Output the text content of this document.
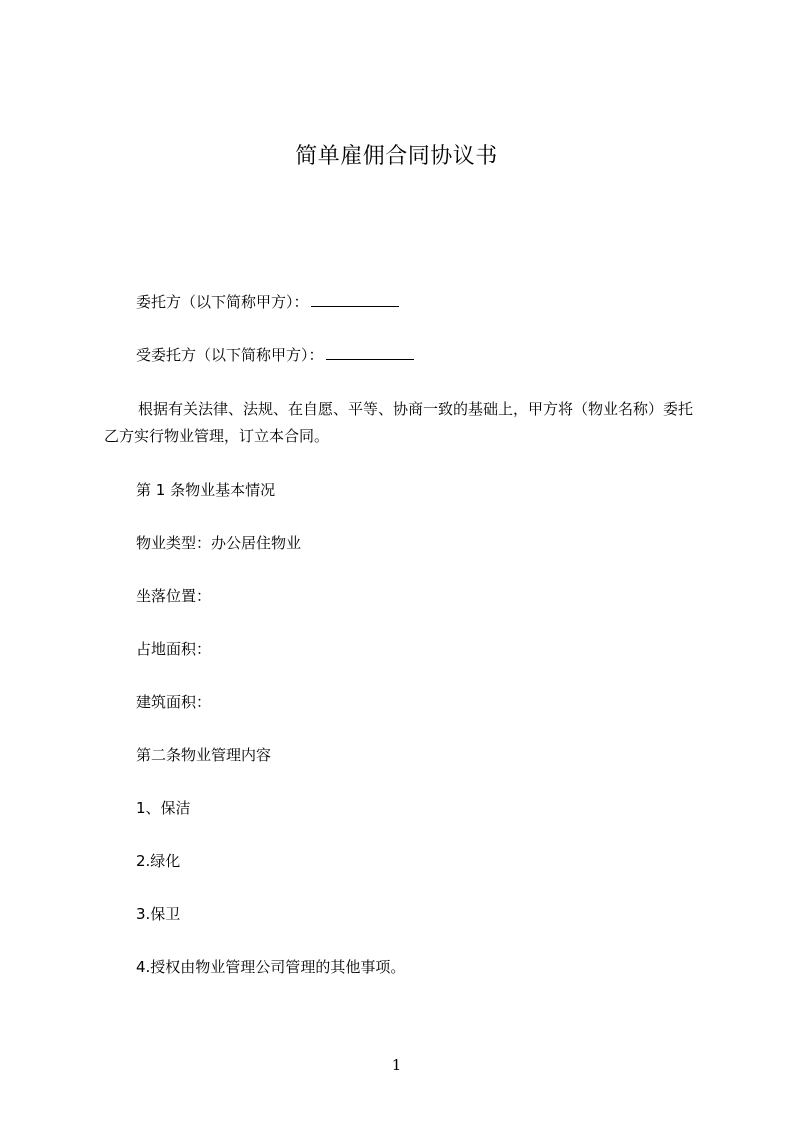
简单雇佣合同协议书
委托方（以下简称甲方）：
受委托方（以下简称甲方）：
根据有关法律、法规、在自愿、平等、协商一致的基础上，甲方将（物业名称）委托乙方实行物业管理，订立本合同。
第 1 条物业基本情况
物业类型：办公居住物业
坐落位置：
占地面积：
建筑面积：
第二条物业管理内容
1、保洁
2.绿化
3.保卫
4.授权由物业管理公司管理的其他事项。
1
